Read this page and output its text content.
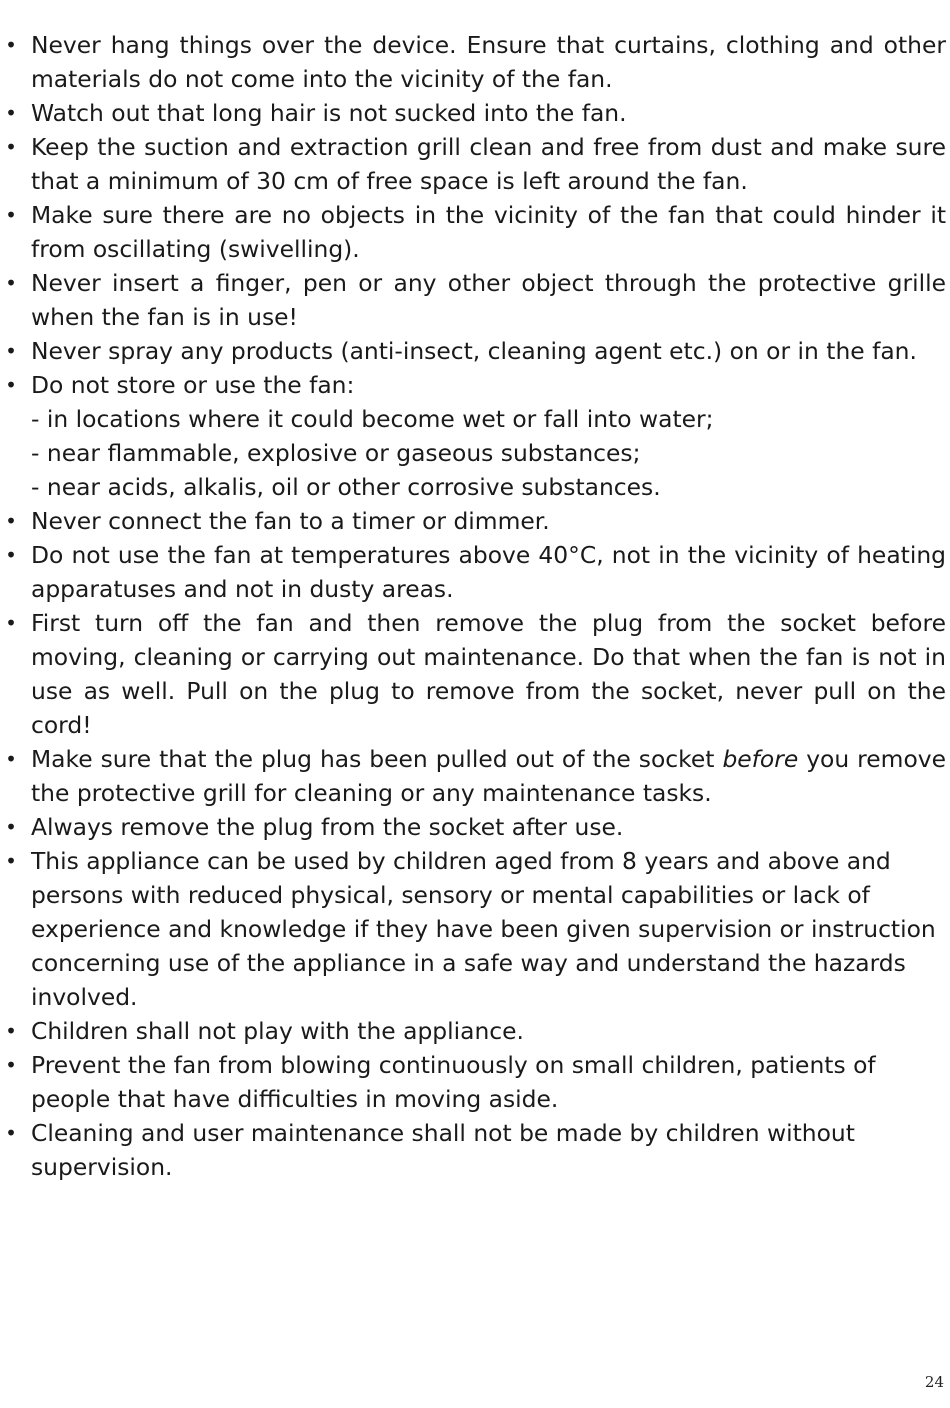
• Never hang things over the device. Ensure that curtains, clothing and other materials do not come into the vicinity of the fan.
• Watch out that long hair is not sucked into the fan.
• Keep the suction and extraction grill clean and free from dust and make sure that a minimum of 30 cm of free space is left around the fan.
• Make sure there are no objects in the vicinity of the fan that could hinder it from oscillating (swivelling).
• Never insert a finger, pen or any other object through the protective grille when the fan is in use!
• Never spray any products (anti-insect, cleaning agent etc.) on or in the fan.
• Do not store or use the fan:
- in locations where it could become wet or fall into water;
- near flammable, explosive or gaseous substances;
- near acids, alkalis, oil or other corrosive substances.
• Never connect the fan to a timer or dimmer.
• Do not use the fan at temperatures above 40°C, not in the vicinity of heating apparatuses and not in dusty areas.
• First turn off the fan and then remove the plug from the socket before moving, cleaning or carrying out maintenance. Do that when the fan is not in use as well. Pull on the plug to remove from the socket, never pull on the cord!
• Make sure that the plug has been pulled out of the socket before you remove the protective grill for cleaning or any maintenance tasks.
• Always remove the plug from the socket after use.
• This appliance can be used by children aged from 8 years and above and persons with reduced physical, sensory or mental capabilities or lack of experience and knowledge if they have been given supervision or instruction concerning use of the appliance in a safe way and understand the hazards involved.
• Children shall not play with the appliance.
• Prevent the fan from blowing continuously on small children, patients of people that have difficulties in moving aside.
• Cleaning and user maintenance shall not be made by children without supervision.
24
